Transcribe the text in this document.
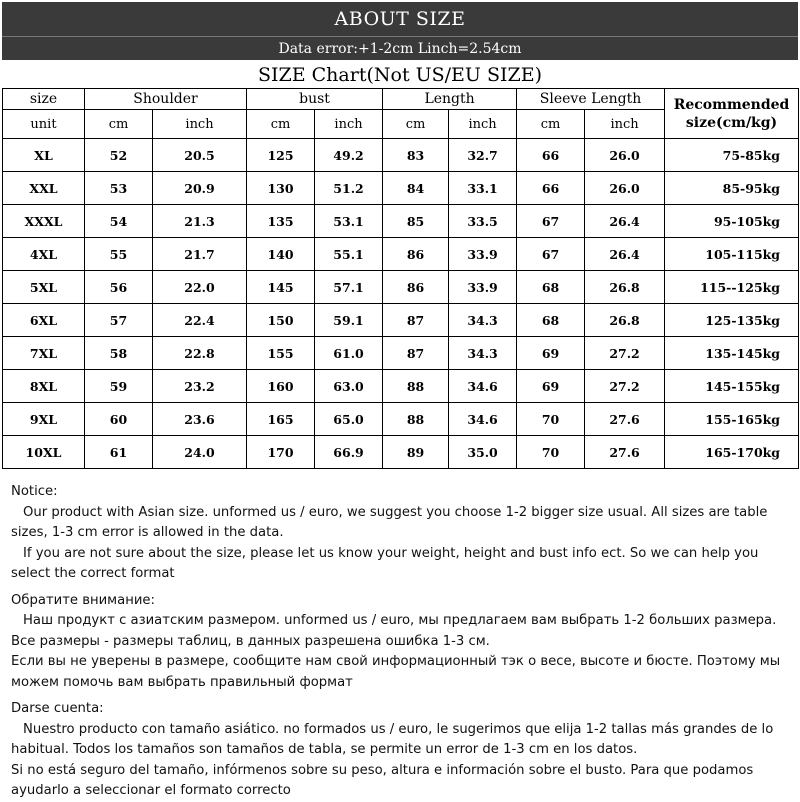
ABOUT SIZE
Data error:+1-2cm Linch=2.54cm
SIZE Chart(Not US/EU SIZE)
size	Shoulder		bust		Length		Sleeve Length		Recommended
size(cm/kg)
unit	cm	inch	cm	inch	cm	inch	cm	inch	
XL	52	20.5	125	49.2	83	32.7	66	26.0	75-85kg
XXL	53	20.9	130	51.2	84	33.1	66	26.0	85-95kg
XXXL	54	21.3	135	53.1	85	33.5	67	26.4	95-105kg
4XL	55	21.7	140	55.1	86	33.9	67	26.4	105-115kg
5XL	56	22.0	145	57.1	86	33.9	68	26.8	115--125kg
6XL	57	22.4	150	59.1	87	34.3	68	26.8	125-135kg
7XL	58	22.8	155	61.0	87	34.3	69	27.2	135-145kg
8XL	59	23.2	160	63.0	88	34.6	69	27.2	145-155kg
9XL	60	23.6	165	65.0	88	34.6	70	27.6	155-165kg
10XL	61	24.0	170	66.9	89	35.0	70	27.6	165-170kg

Notice:

Our product with Asian size. unformed us / euro, we suggest you choose 1-2 bigger size usual. All sizes are table sizes, 1-3 cm error is allowed in the data.

If you are not sure about the size, please let us know your weight, height and bust info ect. So we can help you select the correct format

Обратите внимание:

Наш продукт с азиатским размером. unformed us / euro, мы предлагаем вам выбрать 1-2 больших размера. Все размеры - размеры таблиц, в данных разрешена ошибка 1-3 см.

Если вы не уверены в размере, сообщите нам свой информационный тэк о весе, высоте и бюсте. Поэтому мы можем помочь вам выбрать правильный формат

Darse cuenta:

Nuestro producto con tamaño asiático. no formados us / euro, le sugerimos que elija 1-2 tallas más grandes de lo habitual. Todos los tamaños son tamaños de tabla, se permite un error de 1-3 cm en los datos.

Si no está seguro del tamaño, infórmenos sobre su peso, altura e información sobre el busto. Para que podamos ayudarlo a seleccionar el formato correcto
